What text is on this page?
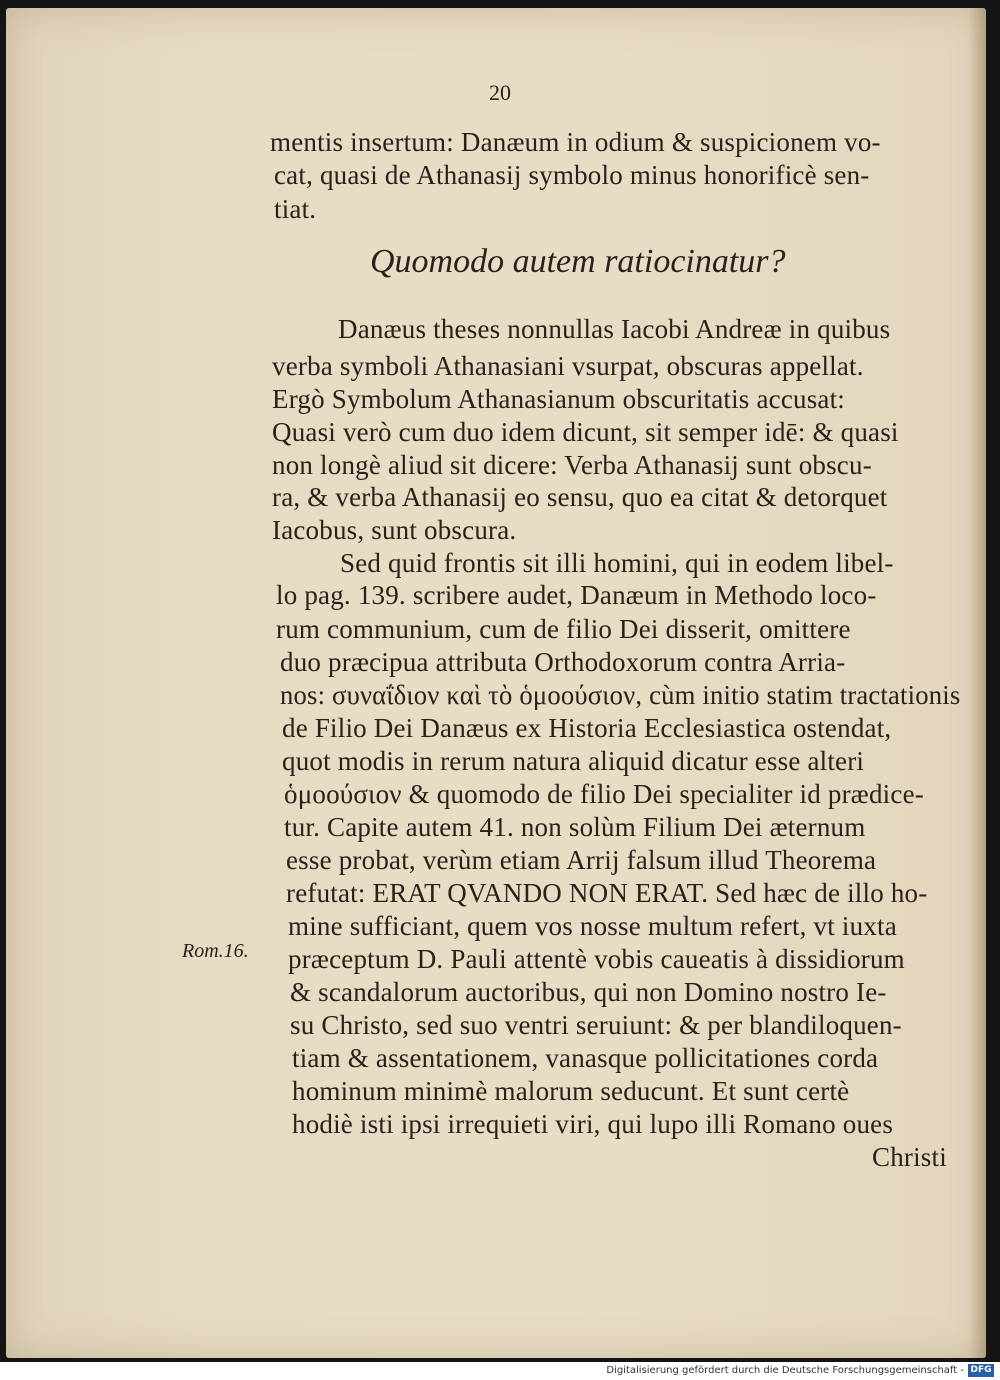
20
mentis insertum: Danæum in odium & suspicionem vo-
cat, quasi de Athanasij symbolo minus honorificè sen-
tiat.
Quomodo autem ratiocinatur?
Danæus theses nonnullas Iacobi Andreæ in quibus
verba symboli Athanasiani vsurpat, obscuras appellat.
Ergò Symbolum Athanasianum obscuritatis accusat:
Quasi verò cum duo idem dicunt, sit semper idē: & quasi
non longè aliud sit dicere: Verba Athanasij sunt obscu-
ra, & verba Athanasij eo sensu, quo ea citat & detorquet
Iacobus, sunt obscura.
Sed quid frontis sit illi homini, qui in eodem libel-
lo pag. 139. scribere audet, Danæum in Methodo loco-
rum communium, cum de filio Dei disserit, omittere
duo præcipua attributa Orthodoxorum contra Arria-
nos: συναΐδιον καὶ τὸ ὁμοούσιον, cùm initio statim tractationis
de Filio Dei Danæus ex Historia Ecclesiastica ostendat,
quot modis in rerum natura aliquid dicatur esse alteri
ὁμοούσιον & quomodo de filio Dei specialiter id prædice-
tur. Capite autem 41. non solùm Filium Dei æternum
esse probat, verùm etiam Arrij falsum illud Theorema
refutat: ERAT QVANDO NON ERAT. Sed hæc de illo ho-
mine sufficiant, quem vos nosse multum refert, vt iuxta
Rom.16. præceptum D. Pauli attentè vobis caueatis à dissidiorum
& scandalorum auctoribus, qui non Domino nostro Ie-
su Christo, sed suo ventri seruiunt: & per blandiloquen-
tiam & assentationem, vanasque pollicitationes corda
hominum minimè malorum seducunt. Et sunt certè
hodiè isti ipsi irrequieti viri, qui lupo illi Romano oues
Christi
Digitalisierung gefördert durch die Deutsche Forschungsgemeinschaft - DFG
